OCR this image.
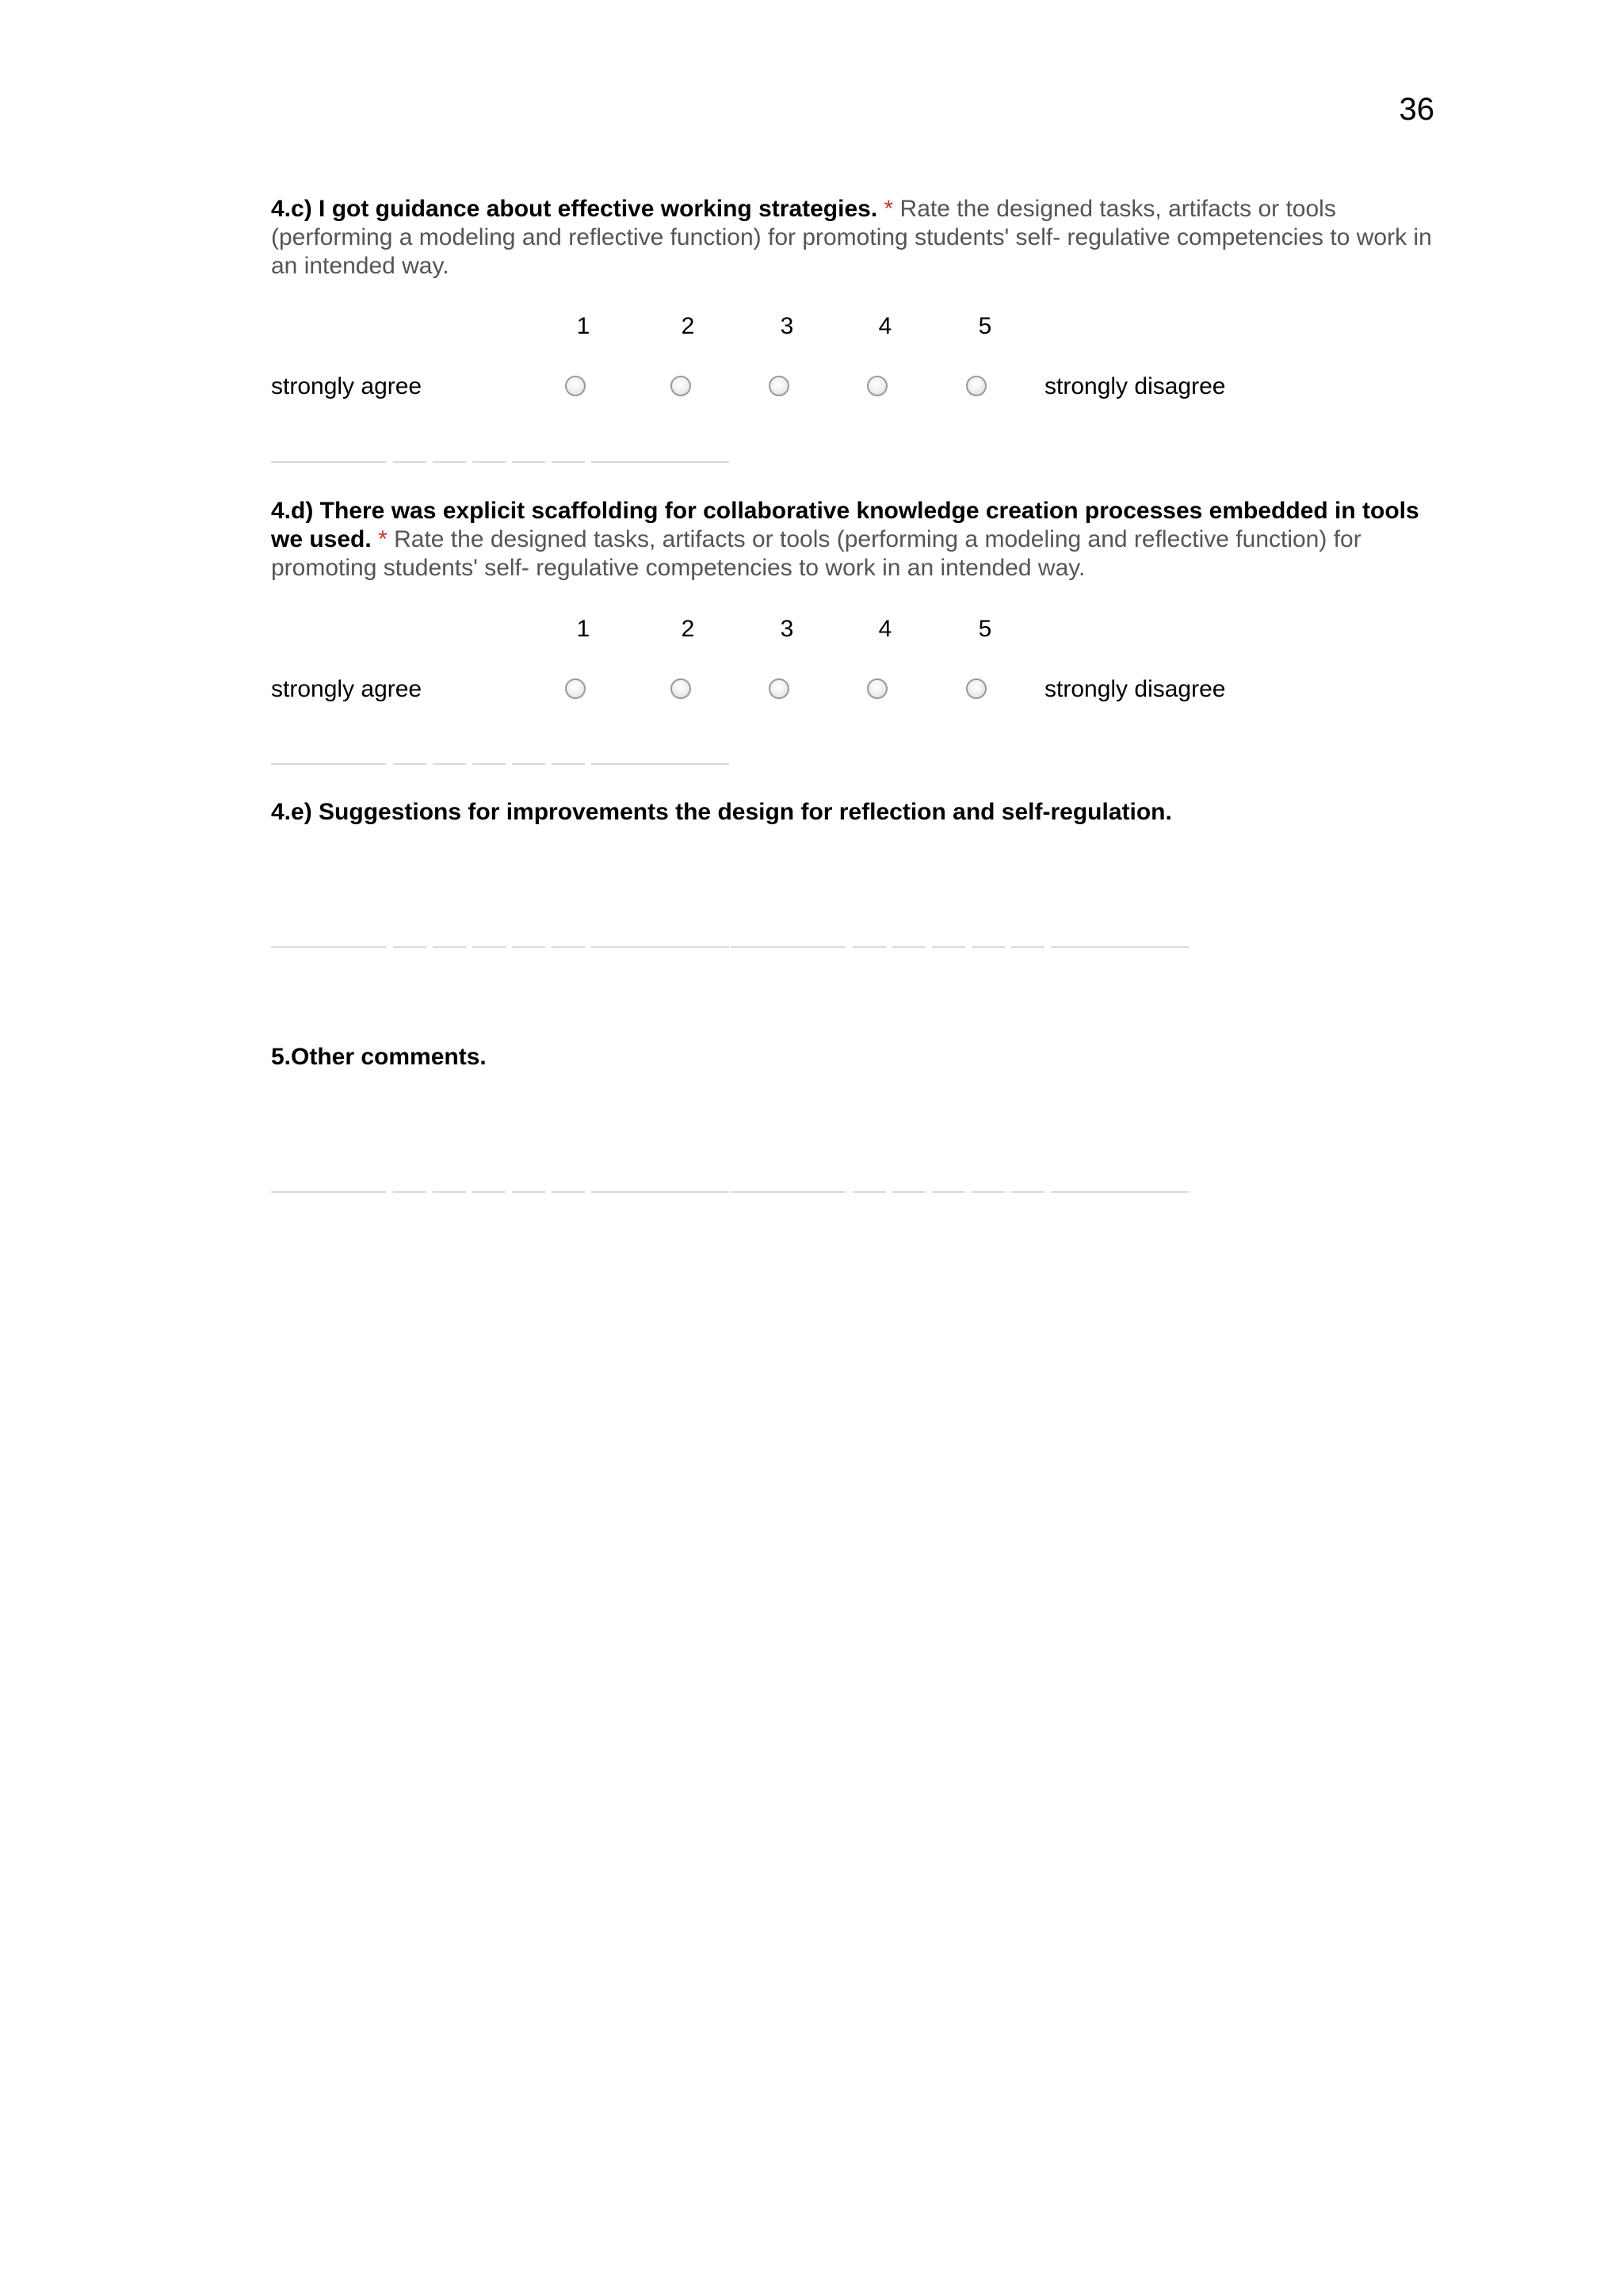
36
4.c) I got guidance about effective working strategies. * Rate the designed tasks, artifacts or tools (performing a modeling and reflective function) for promoting students' self- regulative competencies to work in an intended way.
1	2	3	4	5
strongly agree	strongly disagree
4.d) There was explicit scaffolding for collaborative knowledge creation processes embedded in tools we used. * Rate the designed tasks, artifacts or tools (performing a modeling and reflective function) for promoting students' self- regulative competencies to work in an intended way.
1	2	3	4	5
strongly agree	strongly disagree
4.e) Suggestions for improvements the design for reflection and self-regulation.
5.Other comments.
